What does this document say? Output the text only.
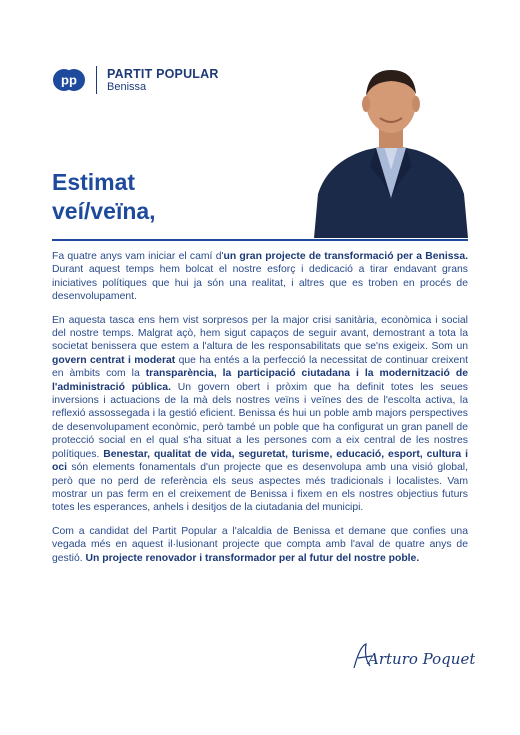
pp PARTIT POPULAR
Benissa
Estimat
veí/veïna,

Fa quatre anys vam iniciar el camí d'un gran projecte de transformació per a Benissa. Durant aquest temps hem bolcat el nostre esforç i dedicació a tirar endavant grans iniciatives polítiques que hui ja són una realitat, i altres que es troben en procés de desenvolupament.

En aquesta tasca ens hem vist sorpresos per la major crisi sanitària, econòmica i social del nostre temps. Malgrat açò, hem sigut capaços de seguir avant, demostrant a tota la societat benissera que estem a l'altura de les responsabilitats que se'ns exigeix. Som un govern centrat i moderat que ha entés a la perfecció la necessitat de continuar creixent en àmbits com la transparència, la participació ciutadana i la modernització de l'administració pública. Un govern obert i pròxim que ha definit totes les seues inversions i actuacions de la mà dels nostres veïns i veïnes des de l'escolta activa, la reflexió assossegada i la gestió eficient. Benissa és hui un poble amb majors perspectives de desenvolupament econòmic, però també un poble que ha configurat un gran panell de protecció social en el qual s'ha situat a les persones com a eix central de les nostres polítiques. Benestar, qualitat de vida, seguretat, turisme, educació, esport, cultura i oci són elements fonamentals d'un projecte que es desenvolupa amb una visió global, però que no perd de referència els seus aspectes més tradicionals i localistes. Vam mostrar un pas ferm en el creixement de Benissa i fixem en els nostres objectius futurs totes les esperances, anhels i desitjos de la ciutadania del municipi.

Com a candidat del Partit Popular a l'alcaldia de Benissa et demane que confies una vegada més en aquest il·lusionant projecte que compta amb l'aval de quatre anys de gestió. Un projecte renovador i transformador per al futur del nostre poble.

Arturo Poquet
